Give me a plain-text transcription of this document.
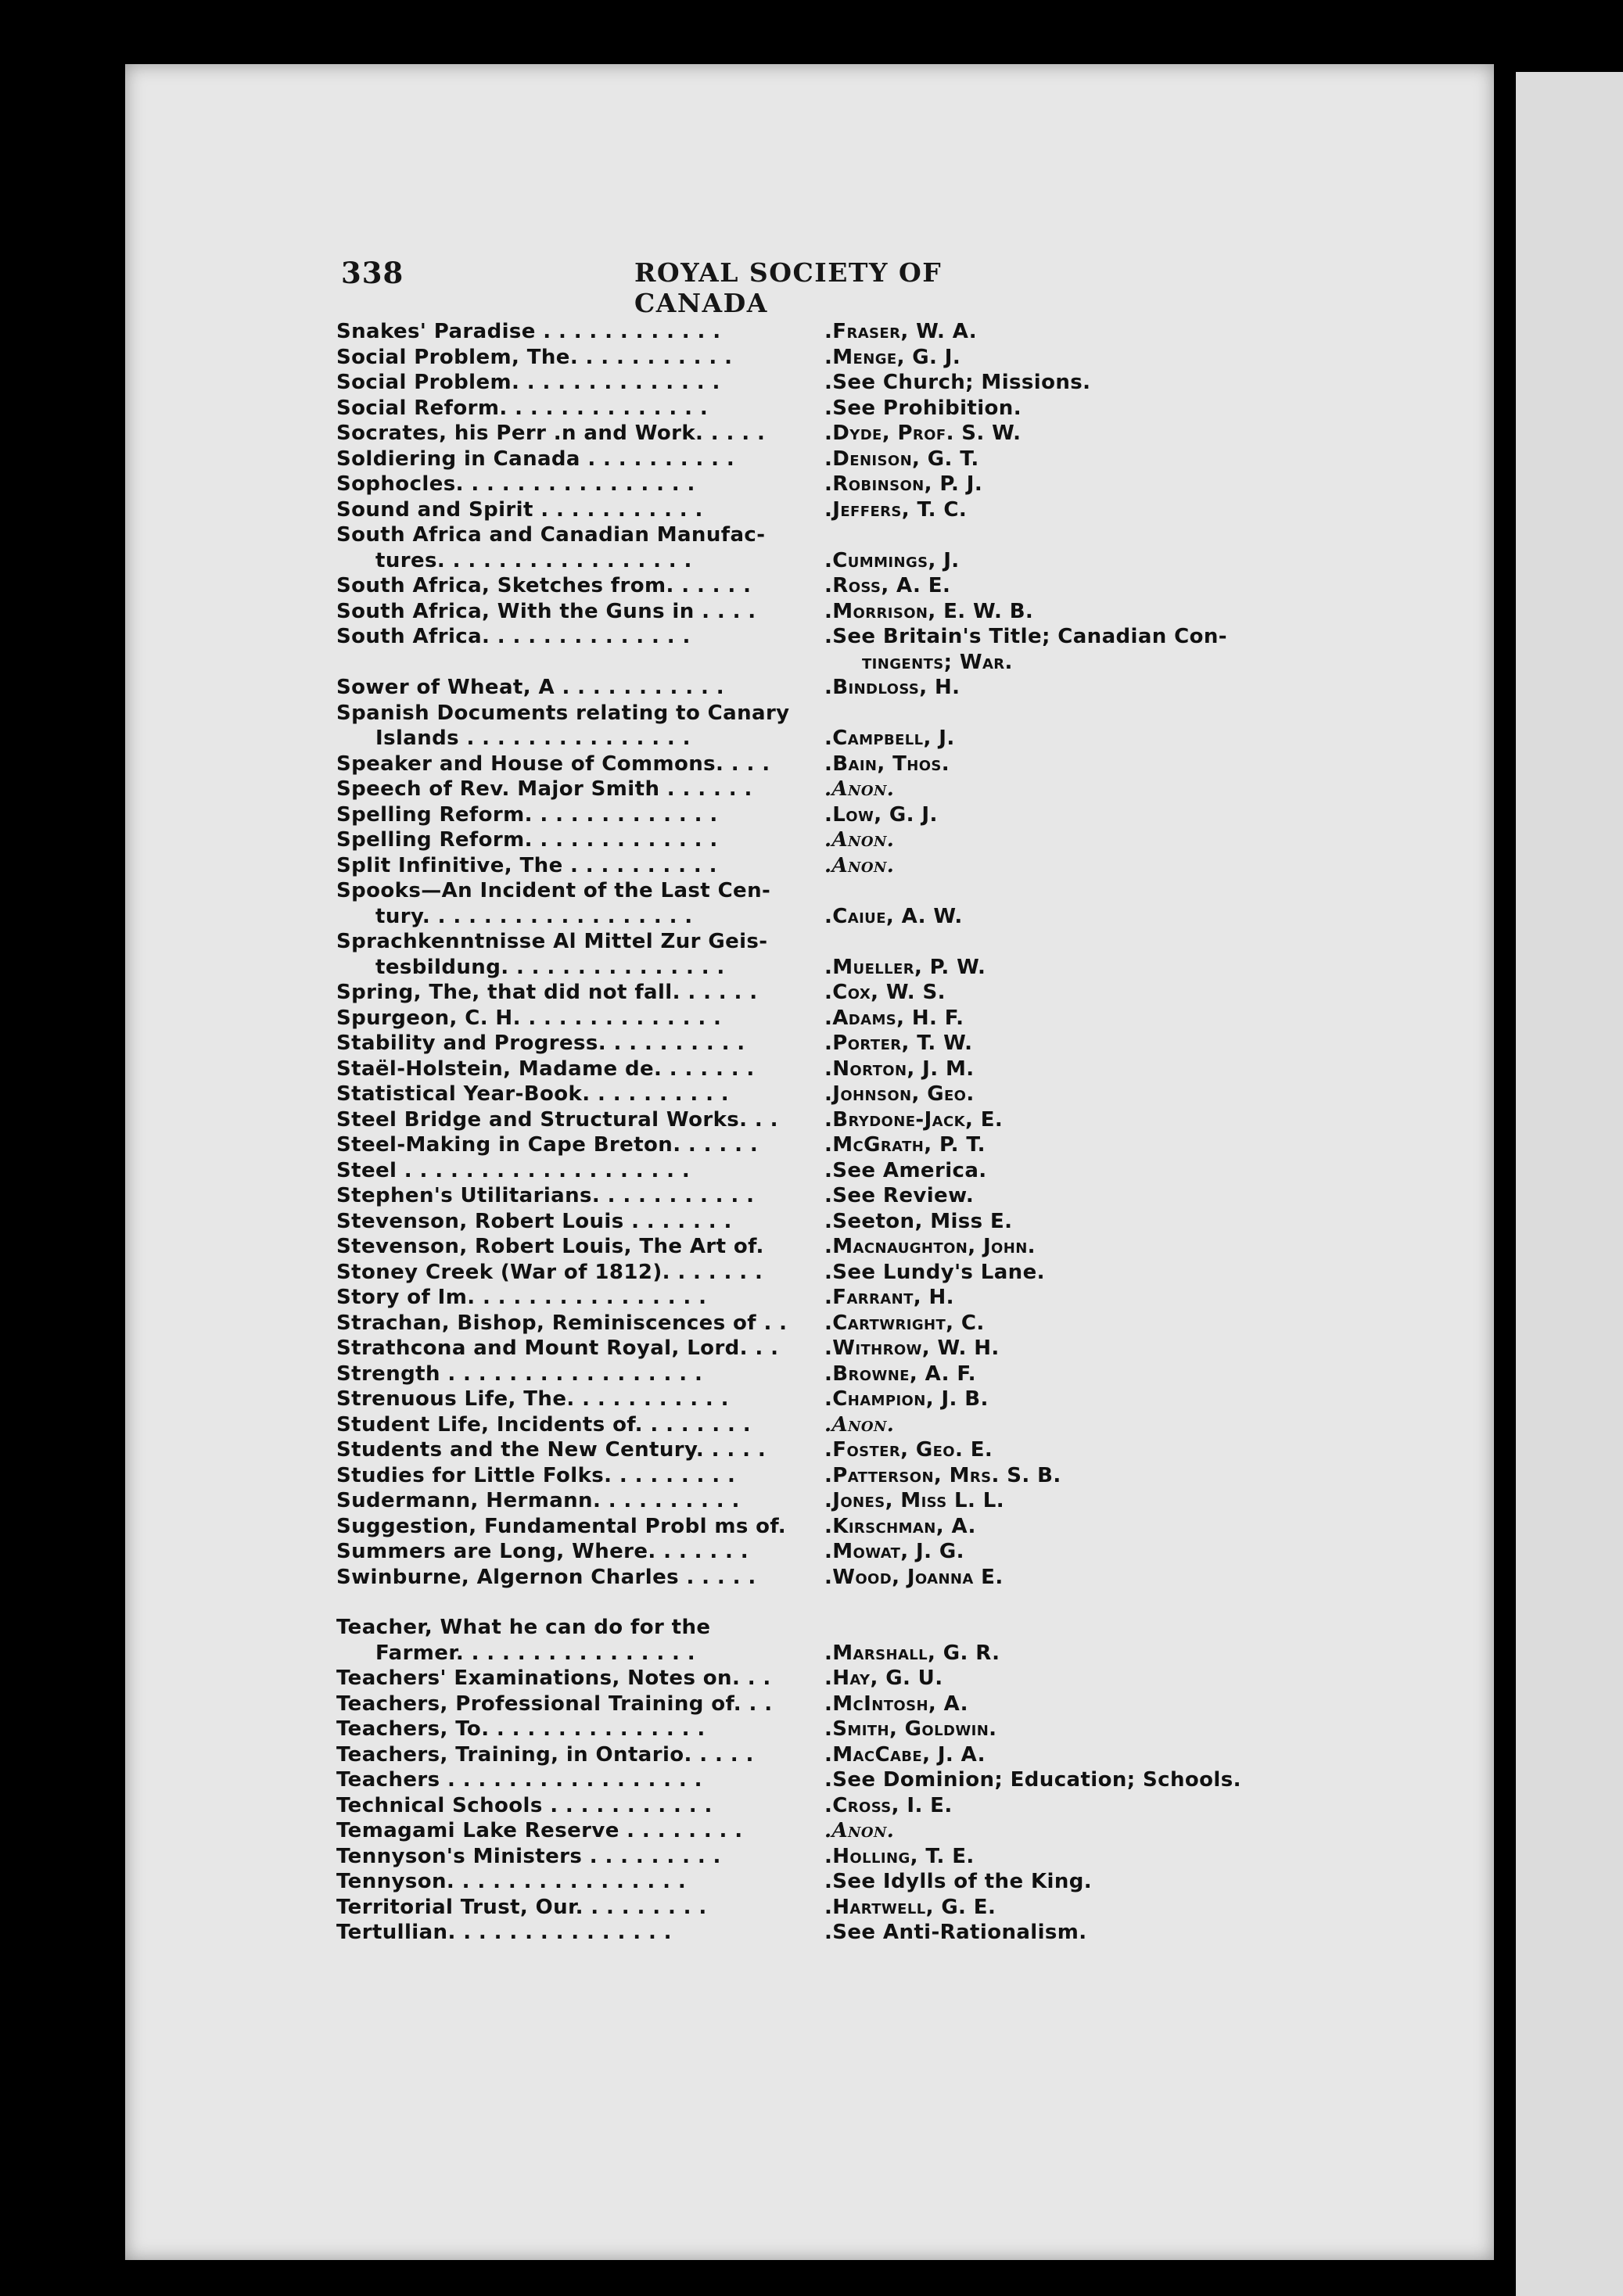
338	ROYAL SOCIETY OF CANADA
Snakes' Paradise . . . . . . . . . . . .	.Fraser, W. A.
Social Problem, The. . . . . . . . . . .	.Menge, G. J.
Social Problem. . . . . . . . . . . . . .	.See Church; Missions.
Social Reform. . . . . . . . . . . . . .	.See Prohibition.
Socrates, his Perr .n and Work. . . . .	.Dyde, Prof. S. W.
Soldiering in Canada . . . . . . . . . .	.Denison, G. T.
Sophocles. . . . . . . . . . . . . . . .	.Robinson, P. J.
Sound and Spirit . . . . . . . . . . .	.Jeffers, T. C.
South Africa and Canadian Manufac-
tures. . . . . . . . . . . . . . . . .	.Cummings, J.
South Africa, Sketches from. . . . . .	.Ross, A. E.
South Africa, With the Guns in . . . .	.Morrison, E. W. B.
South Africa. . . . . . . . . . . . . .	.See Britain's Title; Canadian Con-
tingents; War.
Sower of Wheat, A . . . . . . . . . . .	.Bindloss, H.
Spanish Documents relating to Canary
Islands . . . . . . . . . . . . . . .	.Campbell, J.
Speaker and House of Commons. . . .	.Bain, Thos.
Speech of Rev. Major Smith . . . . . .	.Anon.
Spelling Reform. . . . . . . . . . . . .	.Low, G. J.
Spelling Reform. . . . . . . . . . . . .	.Anon.
Split Infinitive, The . . . . . . . . . .	.Anon.
Spooks—An Incident of the Last Cen-
tury. . . . . . . . . . . . . . . . . .	.Caiue, A. W.
Sprachkenntnisse Al Mittel Zur Geis-
tesbildung. . . . . . . . . . . . . . .	.Mueller, P. W.
Spring, The, that did not fall. . . . . .	.Cox, W. S.
Spurgeon, C. H. . . . . . . . . . . . . .	.Adams, H. F.
Stability and Progress. . . . . . . . . .	.Porter, T. W.
Staël-Holstein, Madame de. . . . . . .	.Norton, J. M.
Statistical Year-Book. . . . . . . . . .	.Johnson, Geo.
Steel Bridge and Structural Works. . .	.Brydone-Jack, E.
Steel-Making in Cape Breton. . . . . .	.McGrath, P. T.
Steel . . . . . . . . . . . . . . . . . . .	.See America.
Stephen's Utilitarians. . . . . . . . . . .	.See Review.
Stevenson, Robert Louis . . . . . . .	.Seeton, Miss E.
Stevenson, Robert Louis, The Art of.	.Macnaughton, John.
Stoney Creek (War of 1812). . . . . . .	.See Lundy's Lane.
Story of Im. . . . . . . . . . . . . . . .	.Farrant, H.
Strachan, Bishop, Reminiscences of . .	.Cartwright, C.
Strathcona and Mount Royal, Lord. . .	.Withrow, W. H.
Strength . . . . . . . . . . . . . . . . .	.Browne, A. F.
Strenuous Life, The. . . . . . . . . . .	.Champion, J. B.
Student Life, Incidents of. . . . . . . .	.Anon.
Students and the New Century. . . . .	.Foster, Geo. E.
Studies for Little Folks. . . . . . . . .	.Patterson, Mrs. S. B.
Sudermann, Hermann. . . . . . . . . .	.Jones, Miss L. L.
Suggestion, Fundamental Probl ms of.	.Kirschman, A.
Summers are Long, Where. . . . . . .	.Mowat, J. G.
Swinburne, Algernon Charles . . . . .	.Wood, Joanna E.
Teacher, What he can do for the
Farmer. . . . . . . . . . . . . . . .	.Marshall, G. R.
Teachers' Examinations, Notes on. . .	.Hay, G. U.
Teachers, Professional Training of. . .	.McIntosh, A.
Teachers, To. . . . . . . . . . . . . . .	.Smith, Goldwin.
Teachers, Training, in Ontario. . . . .	.MacCabe, J. A.
Teachers . . . . . . . . . . . . . . . . .	.See Dominion; Education; Schools.
Technical Schools . . . . . . . . . . .	.Cross, I. E.
Temagami Lake Reserve . . . . . . . .	.Anon.
Tennyson's Ministers . . . . . . . . .	.Holling, T. E.
Tennyson. . . . . . . . . . . . . . . .	.See Idylls of the King.
Territorial Trust, Our. . . . . . . . .	.Hartwell, G. E.
Tertullian. . . . . . . . . . . . . . .	.See Anti-Rationalism.
